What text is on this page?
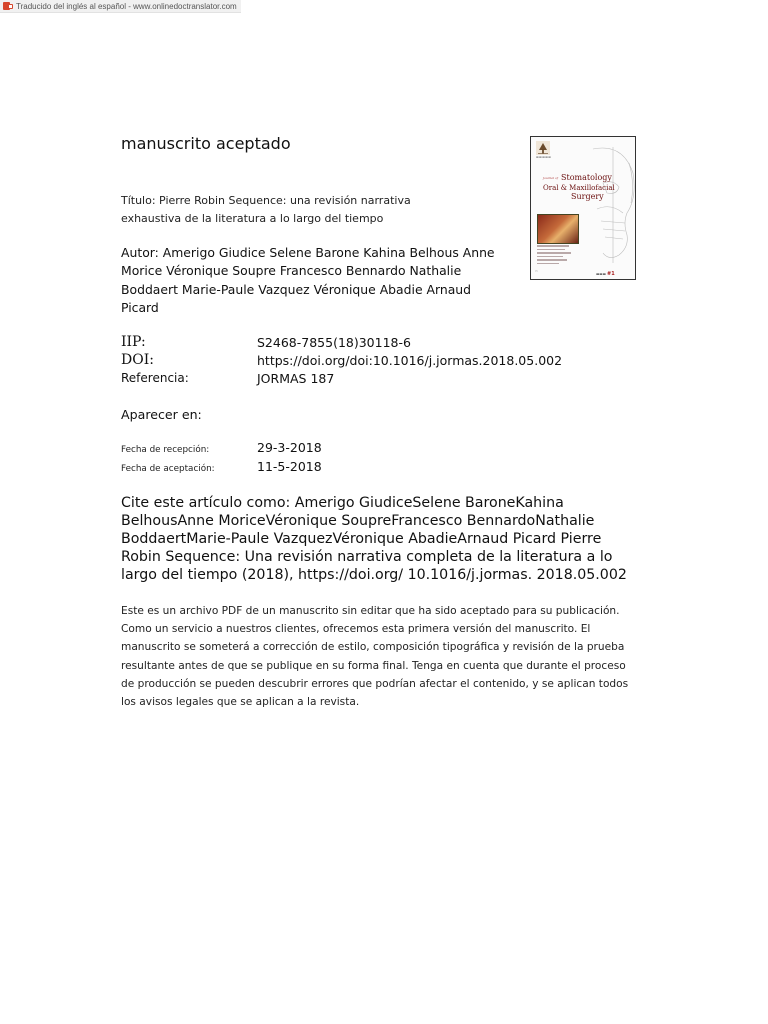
Traducido del inglés al español - www.onlinedoctranslator.com
manuscrito aceptado
Título: Pierre Robin Sequence: una revisión narrativa exhaustiva de la literatura a lo largo del tiempo
Autor: Amerigo Giudice Selene Barone Kahina Belhous Anne Morice Véronique Soupre Francesco Bennardo Nathalie Boddaert Marie-Paule Vazquez Véronique Abadie Arnaud Picard
IIP:	S2468-7855(18)30118-6
DOI:	https://doi.org/doi:10.1016/j.jormas.2018.05.002
Referencia:	JORMAS 187
Aparecer en:
Fecha de recepción:	29-3-2018
Fecha de aceptación:	11-5-2018
Cite este artículo como: Amerigo GiudiceSelene BaroneKahina BelhousAnne MoriceVéronique SoupreFrancesco BennardoNathalie BoddaertMarie-Paule VazquezVéronique AbadieArnaud Picard Pierre Robin Sequence: Una revisión narrativa completa de la literatura a lo largo del tiempo (2018), https://doi.org/ 10.1016/j.jormas. 2018.05.002
Este es un archivo PDF de un manuscrito sin editar que ha sido aceptado para su publicación. Como un servicio a nuestros clientes, ofrecemos esta primera versión del manuscrito. El manuscrito se someterá a corrección de estilo, composición tipográfica y revisión de la prueba resultante antes de que se publique en su forma final. Tenga en cuenta que durante el proceso de producción se pueden descubrir errores que podrían afectar el contenido, y se aplican todos los avisos legales que se aplican a la revista.
▬▬▬▬▬
Journal of Stomatology
Oral & Maxillofacial
Surgery
▭
▬▬▬ #1
